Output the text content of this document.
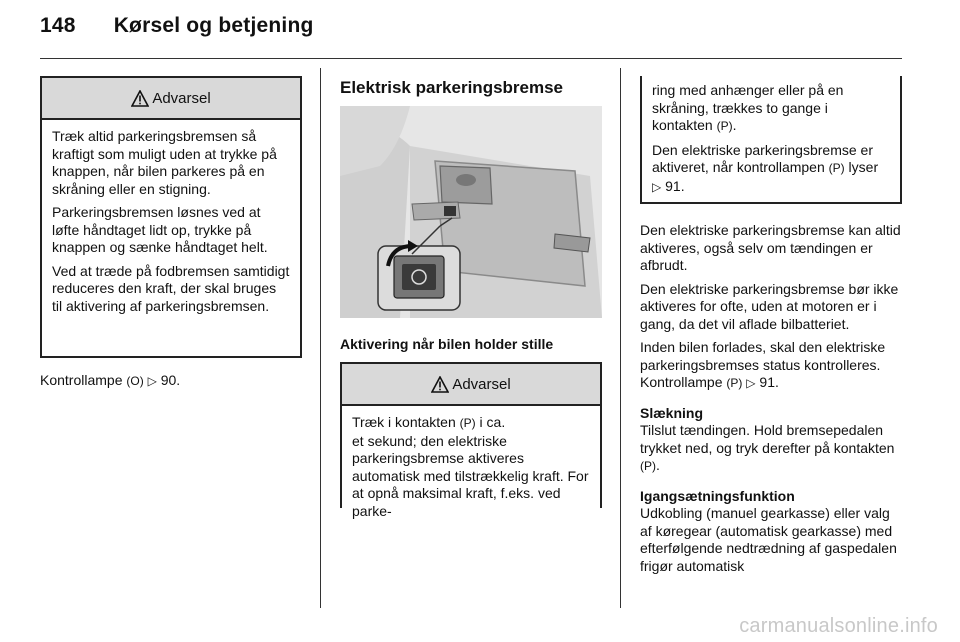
148 Kørsel og betjening
Advarsel

Træk altid parkeringsbremsen så kraftigt som muligt uden at trykke på knappen, når bilen parkeres på en skråning eller en stigning.

Parkeringsbremsen løsnes ved at løfte håndtaget lidt op, trykke på knappen og sænke håndtaget helt.

Ved at træde på fodbremsen samtidigt reduceres den kraft, der skal bruges til aktivering af parkeringsbremsen.

Kontrollampe (O) ▷ 90.
Elektrisk parkeringsbremse
Aktivering når bilen holder stille
Advarsel

Træk i kontakten (P) i ca.

et sekund; den elektriske parkeringsbremse aktiveres automatisk med tilstrækkelig kraft. For at opnå maksimal kraft, f.eks. ved parke-

ring med anhænger eller på en skråning, trækkes to gange i kontakten (P).

Den elektriske parkeringsbremse er aktiveret, når kontrollampen (P) lyser ▷ 91.

Den elektriske parkeringsbremse kan altid aktiveres, også selv om tændingen er afbrudt.

Den elektriske parkeringsbremse bør ikke aktiveres for ofte, uden at motoren er i gang, da det vil aflade bilbatteriet.

Inden bilen forlades, skal den elektriske parkeringsbremses status kontrolleres. Kontrollampe (P) ▷ 91.

Slækning

Tilslut tændingen. Hold bremsepedalen trykket ned, og tryk derefter på kontakten (P).

Igangsætningsfunktion

Udkobling (manuel gearkasse) eller valg af køregear (automatisk gearkasse) med efterfølgende nedtrædning af gaspedalen frigør automatisk

carmanualsonline.info
